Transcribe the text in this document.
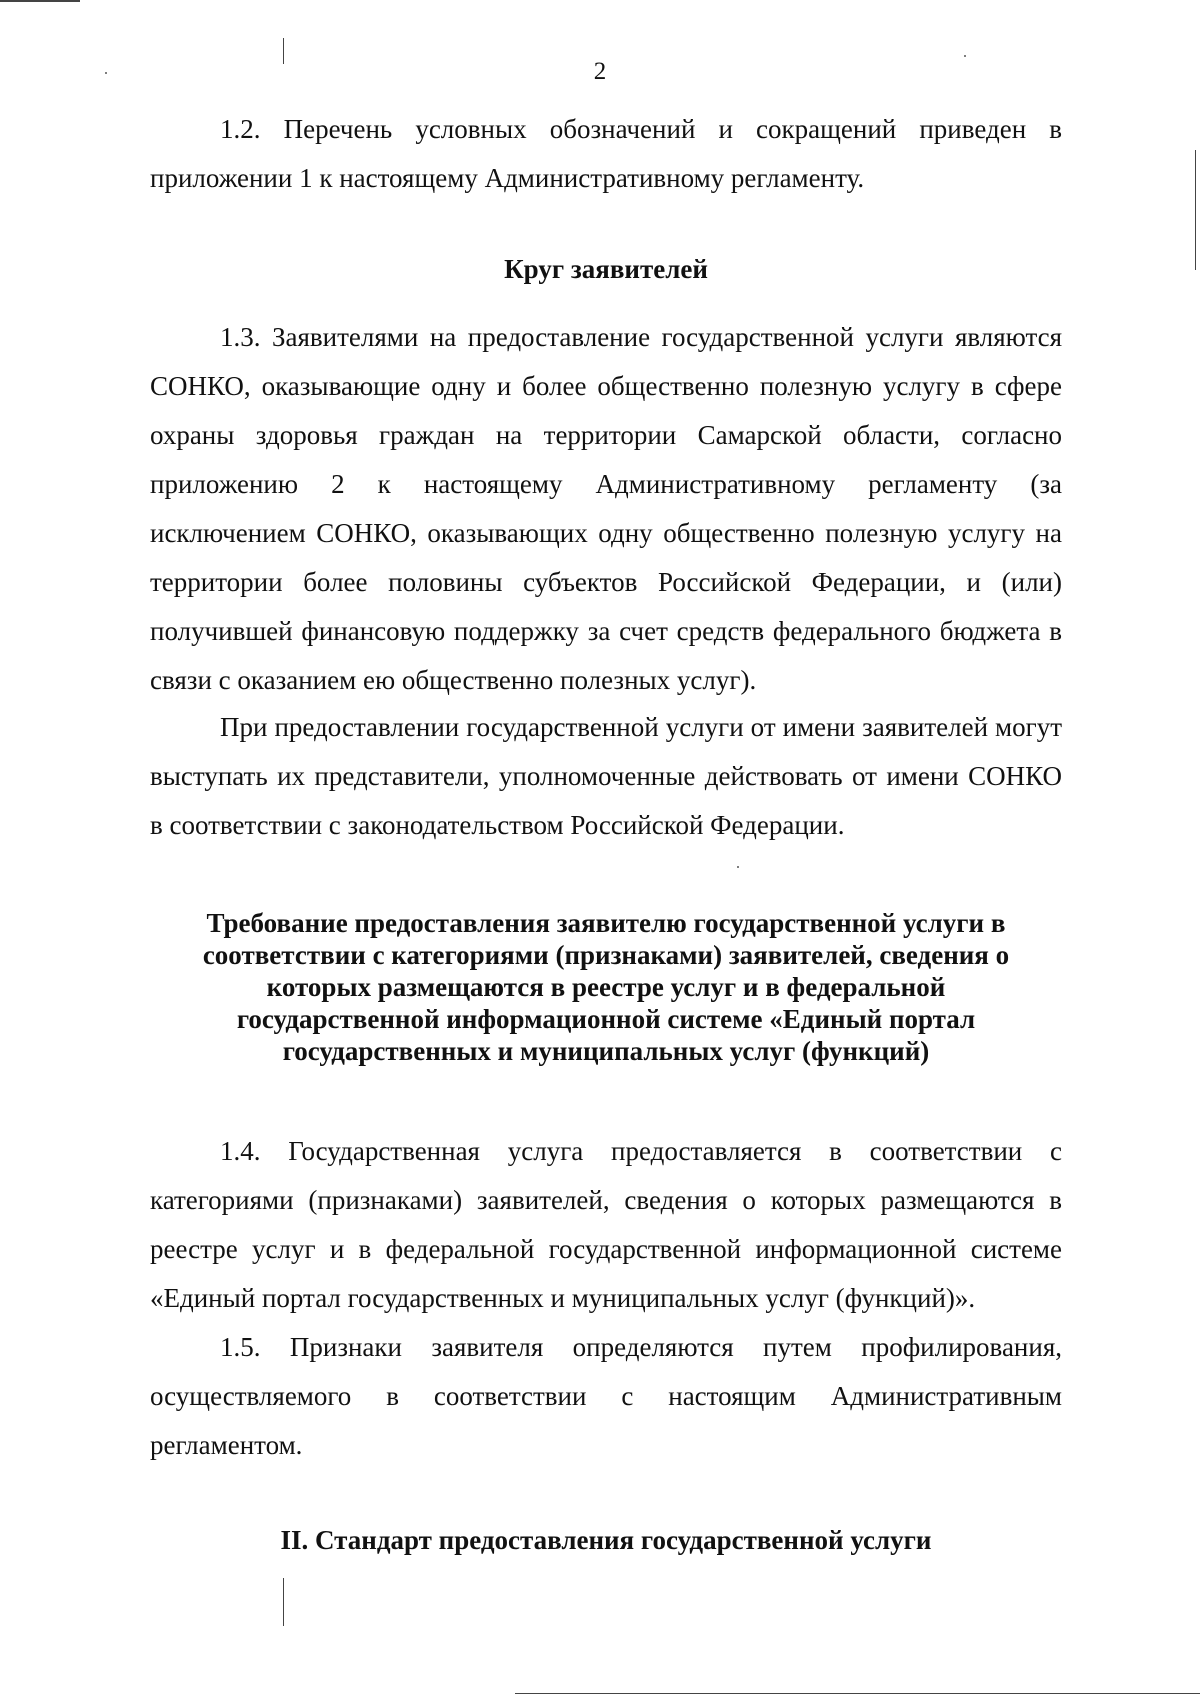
2

1.2. Перечень условных обозначений и сокращений приведен в приложении 1 к настоящему Административному регламенту.

Круг заявителей

1.3. Заявителями на предоставление государственной услуги являются СОНКО, оказывающие одну и более общественно полезную услугу в сфере охраны здоровья граждан на территории Самарской области, согласно приложению 2 к настоящему Административному регламенту (за исключением СОНКО, оказывающих одну общественно полезную услугу на территории более половины субъектов Российской Федерации, и (или) получившей финансовую поддержку за счет средств федерального бюджета в связи с оказанием ею общественно полезных услуг).

При предоставлении государственной услуги от имени заявителей могут выступать их представители, уполномоченные действовать от имени СОНКО в соответствии с законодательством Российской Федерации.

Требование предоставления заявителю государственной услуги в
соответствии с категориями (признаками) заявителей, сведения о
которых размещаются в реестре услуг и в федеральной
государственной информационной системе «Единый портал
государственных и муниципальных услуг (функций)

1.4. Государственная услуга предоставляется в соответствии с категориями (признаками) заявителей, сведения о которых размещаются в реестре услуг и в федеральной государственной информационной системе «Единый портал государственных и муниципальных услуг (функций)».

1.5. Признаки заявителя определяются путем профилирования, осуществляемого в соответствии с настоящим Административным регламентом.

II. Стандарт предоставления государственной услуги
